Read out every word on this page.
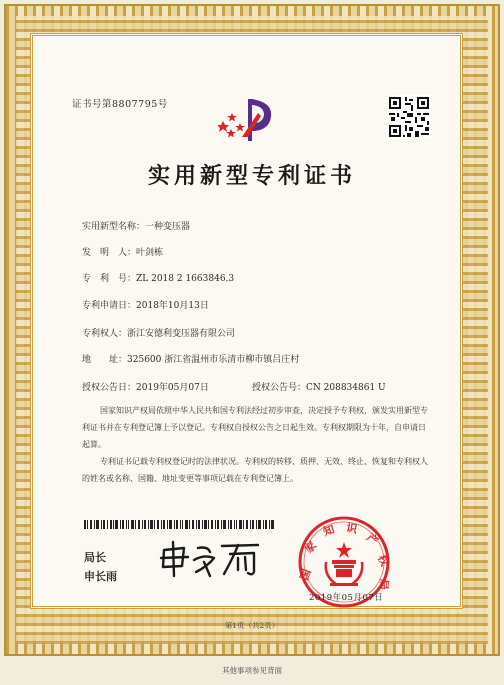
证书号第8807795号
实用新型专利证书
实用新型名称：一种变压器
发　明　人：叶剑栋
专　利　号：ZL 2018 2 1663846.3
专利申请日：2018年10月13日
专利权人：浙江安德利变压器有限公司
地　　址：325600 浙江省温州市乐清市柳市镇吕庄村
授权公告日：2019年05月07日	授权公告号：CN 208834861 U
国家知识产权局依照中华人民共和国专利法经过初步审查，决定授予专利权，颁发实用新型专利证书并在专利登记簿上予以登记。专利权自授权公告之日起生效。专利权期限为十年，自申请日起算。
专利证书记载专利权登记时的法律状况。专利权的转移、质押、无效、终止、恢复和专利权人的姓名或名称、国籍、地址变更等事项记载在专利登记簿上。
局长
申长雨	国
家
知 识
产
权
局
2019年05月07日
第1页（共2页）
其他事项参见背面
